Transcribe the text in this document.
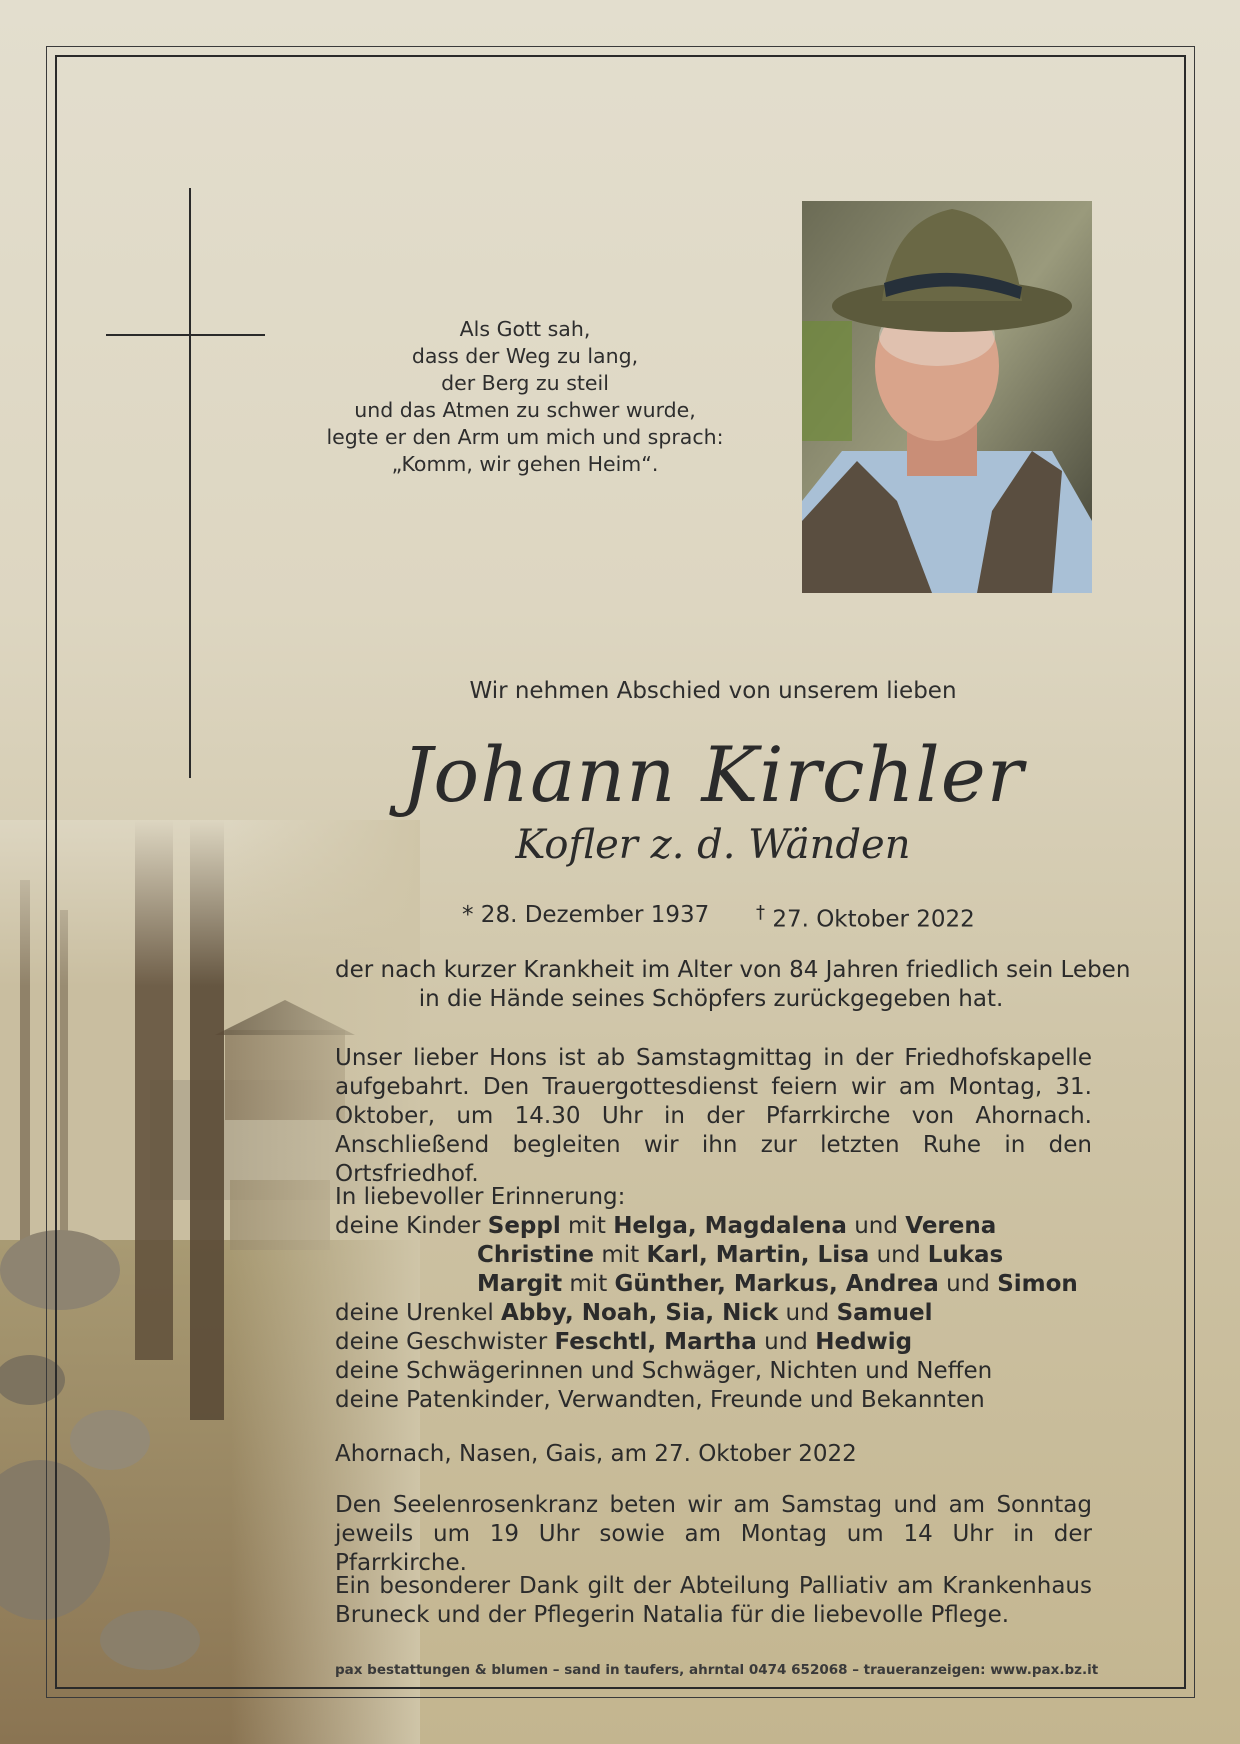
Als Gott sah,
dass der Weg zu lang,
der Berg zu steil
und das Atmen zu schwer wurde,
legte er den Arm um mich und sprach:
„Komm, wir gehen Heim“.
Wir nehmen Abschied von unserem lieben
Johann Kirchler
Kofler z. d. Wänden
* 28. Dezember 1937	† 27. Oktober 2022
der nach kurzer Krankheit im Alter von 84 Jahren friedlich sein Leben
in die Hände seines Schöpfers zurückgegeben hat.
Unser lieber Hons ist ab Samstagmittag in der Friedhofskapelle aufgebahrt. Den Trauergottesdienst feiern wir am Montag, 31. Oktober, um 14.30 Uhr in der Pfarrkirche von Ahornach. Anschließend begleiten wir ihn zur letzten Ruhe in den Ortsfriedhof.
In liebevoller Erinnerung:
deine Kinder Seppl mit Helga, Magdalena und Verena
Christine mit Karl, Martin, Lisa und Lukas
Margit mit Günther, Markus, Andrea und Simon
deine Urenkel Abby, Noah, Sia, Nick und Samuel
deine Geschwister Feschtl, Martha und Hedwig
deine Schwägerinnen und Schwäger, Nichten und Neffen
deine Patenkinder, Verwandten, Freunde und Bekannten
Ahornach, Nasen, Gais, am 27. Oktober 2022
Den Seelenrosenkranz beten wir am Samstag und am Sonntag jeweils um 19 Uhr sowie am Montag um 14 Uhr in der Pfarrkirche.
Ein besonderer Dank gilt der Abteilung Palliativ am Krankenhaus Bruneck und der Pflegerin Natalia für die liebevolle Pflege.
pax bestattungen & blumen – sand in taufers, ahrntal 0474 652068 – traueranzeigen: www.pax.bz.it
